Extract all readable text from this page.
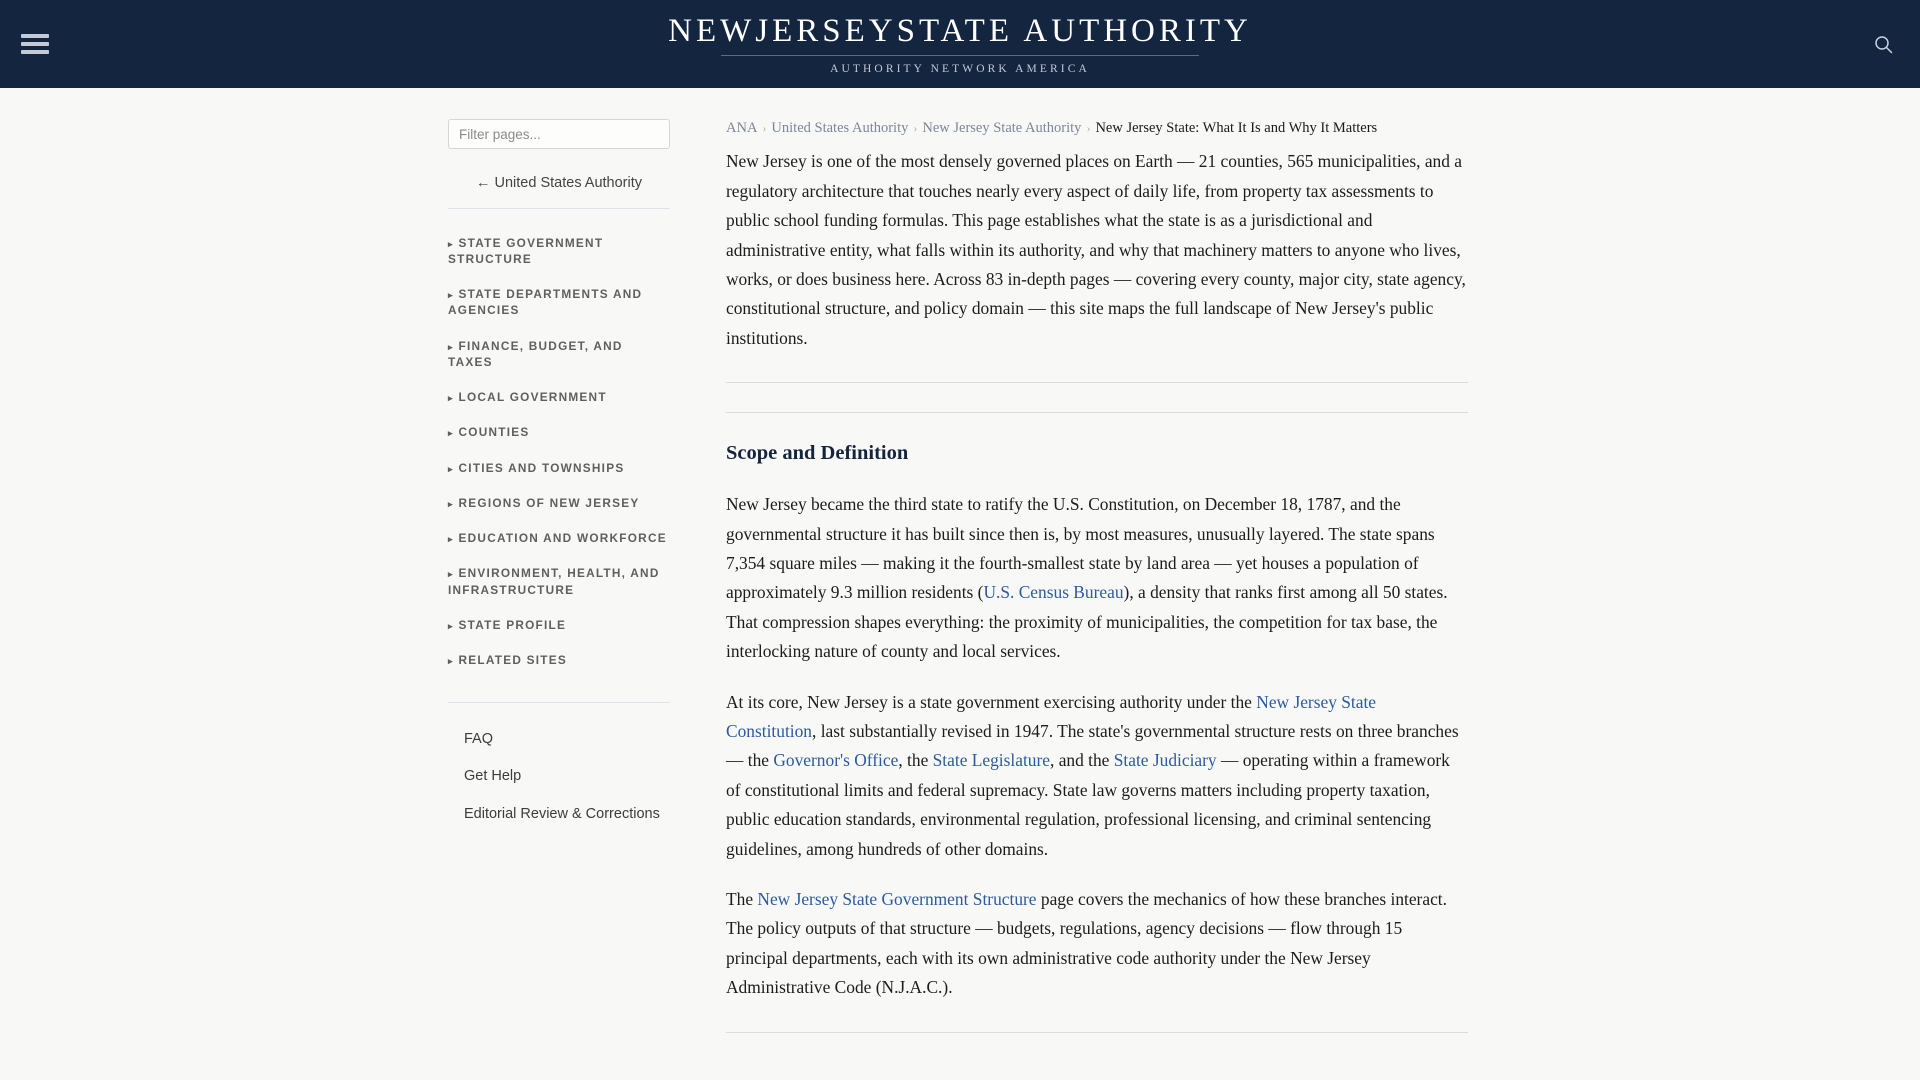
NEWJERSEYSTATE AUTHORITY
AUTHORITY NETWORK AMERICA
Filter pages...
← United States Authority
▸ STATE GOVERNMENT STRUCTURE
▸ STATE DEPARTMENTS AND AGENCIES
▸ FINANCE, BUDGET, AND TAXES
▸ LOCAL GOVERNMENT
▸ COUNTIES
▸ CITIES AND TOWNSHIPS
▸ REGIONS OF NEW JERSEY
▸ EDUCATION AND WORKFORCE
▸ ENVIRONMENT, HEALTH, AND INFRASTRUCTURE
▸ STATE PROFILE
▸ RELATED SITES
FAQ
Get Help
Editorial Review & Corrections
ANA › United States Authority › New Jersey State Authority › New Jersey State: What It Is and Why It Matters

New Jersey is one of the most densely governed places on Earth — 21 counties, 565 municipalities, and a regulatory architecture that touches nearly every aspect of daily life, from property tax assessments to public school funding formulas. This page establishes what the state is as a jurisdictional and administrative entity, what falls within its authority, and why that machinery matters to anyone who lives, works, or does business here. Across 83 in-depth pages — covering every county, major city, state agency, constitutional structure, and policy domain — this site maps the full landscape of New Jersey's public institutions.

Scope and Definition

New Jersey became the third state to ratify the U.S. Constitution, on December 18, 1787, and the governmental structure it has built since then is, by most measures, unusually layered. The state spans 7,354 square miles — making it the fourth-smallest state by land area — yet houses a population of approximately 9.3 million residents (U.S. Census Bureau), a density that ranks first among all 50 states. That compression shapes everything: the proximity of municipalities, the competition for tax base, the interlocking nature of county and local services.

At its core, New Jersey is a state government exercising authority under the New Jersey State Constitution, last substantially revised in 1947. The state's governmental structure rests on three branches — the Governor's Office, the State Legislature, and the State Judiciary — operating within a framework of constitutional limits and federal supremacy. State law governs matters including property taxation, public education standards, environmental regulation, professional licensing, and criminal sentencing guidelines, among hundreds of other domains.

The New Jersey State Government Structure page covers the mechanics of how these branches interact. The policy outputs of that structure — budgets, regulations, agency decisions — flow through 15 principal departments, each with its own administrative code authority under the New Jersey Administrative Code (N.J.A.C.).
